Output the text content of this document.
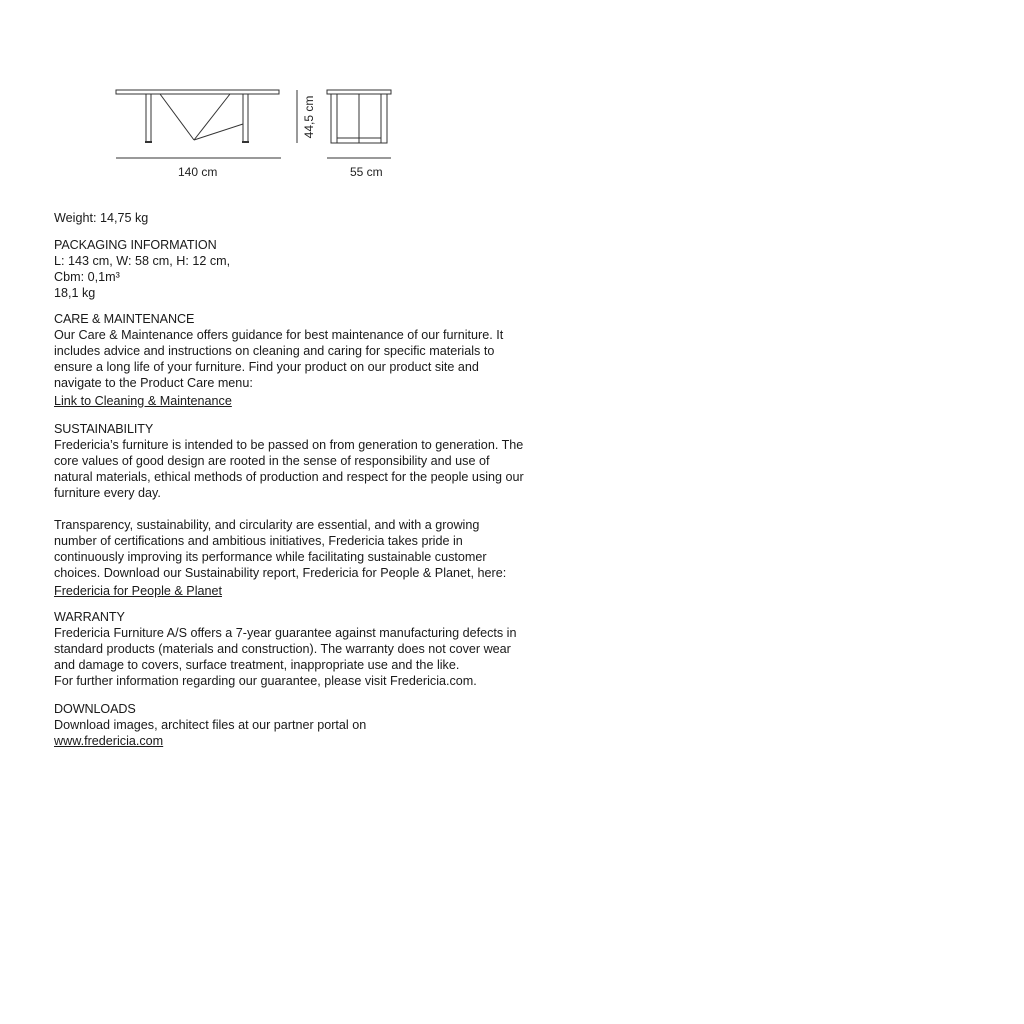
140 cm	55 cm
44,5 cm

Weight: 14,75 kg

PACKAGING INFORMATION

L: 143 cm, W: 58 cm, H: 12 cm,

Cbm: 0,1m³

18,1 kg

CARE & MAINTENANCE

Our Care & Maintenance offers guidance for best maintenance of our furniture. It includes advice and instructions on cleaning and caring for specific materials to ensure a long life of your furniture. Find your product on our product site and navigate to the Product Care menu:

Link to Cleaning & Maintenance
SUSTAINABILITY

Fredericia’s furniture is intended to be passed on from generation to generation. The core values of good design are rooted in the sense of responsibility and use of natural materials, ethical methods of production and respect for the people using our furniture every day.

Transparency, sustainability, and circularity are essential, and with a growing number of certifications and ambitious initiatives, Fredericia takes pride in continuously improving its performance while facilitating sustainable customer choices. Download our Sustainability report, Fredericia for People & Planet, here:

Fredericia for People & Planet
WARRANTY

Fredericia Furniture A/S offers a 7-year guarantee against manufacturing defects in standard products (materials and construction). The warranty does not cover wear and damage to covers, surface treatment, inappropriate use and the like.

For further information regarding our guarantee, please visit Fredericia.com.

DOWNLOADS

Download images, architect files at our partner portal on

www.fredericia.com
